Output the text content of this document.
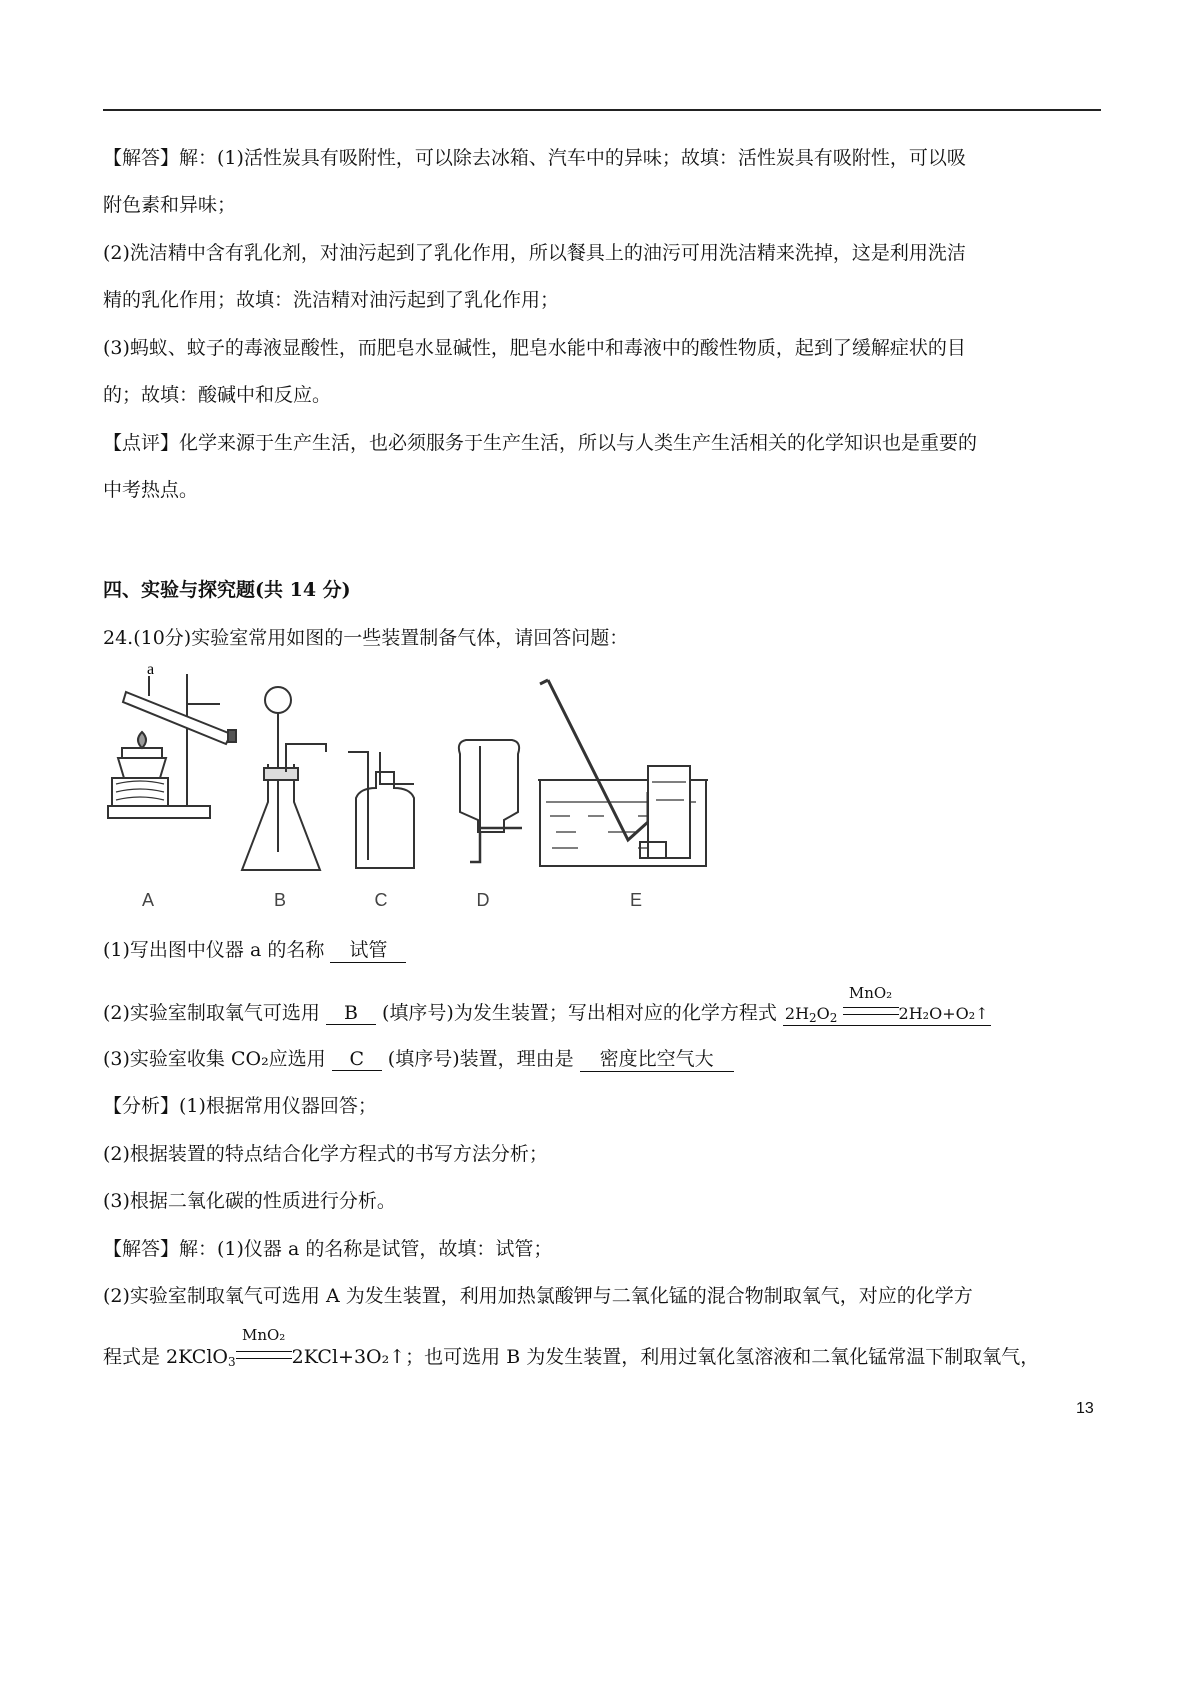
【解答】解：(1)活性炭具有吸附性，可以除去冰箱、汽车中的异味；故填：活性炭具有吸附性，可以吸
附色素和异味；
(2)洗洁精中含有乳化剂，对油污起到了乳化作用，所以餐具上的油污可用洗洁精来洗掉，这是利用洗洁
精的乳化作用；故填：洗洁精对油污起到了乳化作用；
(3)蚂蚁、蚊子的毒液显酸性，而肥皂水显碱性，肥皂水能中和毒液中的酸性物质，起到了缓解症状的目
的；故填：酸碱中和反应。
【点评】化学来源于生产生活，也必须服务于生产生活，所以与人类生产生活相关的化学知识也是重要的
中考热点。
四、实验与探究题(共 14 分)
24.(10分)实验室常用如图的一些装置制备气体，请回答问题：
a
A	B	C	D	E
(1)写出图中仪器 a 的名称 试管
(2)实验室制取氧气可选用 B (填序号)为发生装置；写出相对应的化学方程式 $2H_2O_2$
MnO₂
2H₂O+O₂↑
(3)实验室收集 CO₂应选用 C (填序号)装置，理由是 密度比空气大
【分析】(1)根据常用仪器回答；
(2)根据装置的特点结合化学方程式的书写方法分析；
(3)根据二氧化碳的性质进行分析。
【解答】解：(1)仪器 a 的名称是试管，故填：试管；
(2)实验室制取氧气可选用 A 为发生装置，利用加热氯酸钾与二氧化锰的混合物制取氧气，对应的化学方
程式是 2KClO$_3$
MnO₂
2KCl+3O₂↑；也可选用 B 为发生装置，利用过氧化氢溶液和二氧化锰常温下制取氧气，
13
